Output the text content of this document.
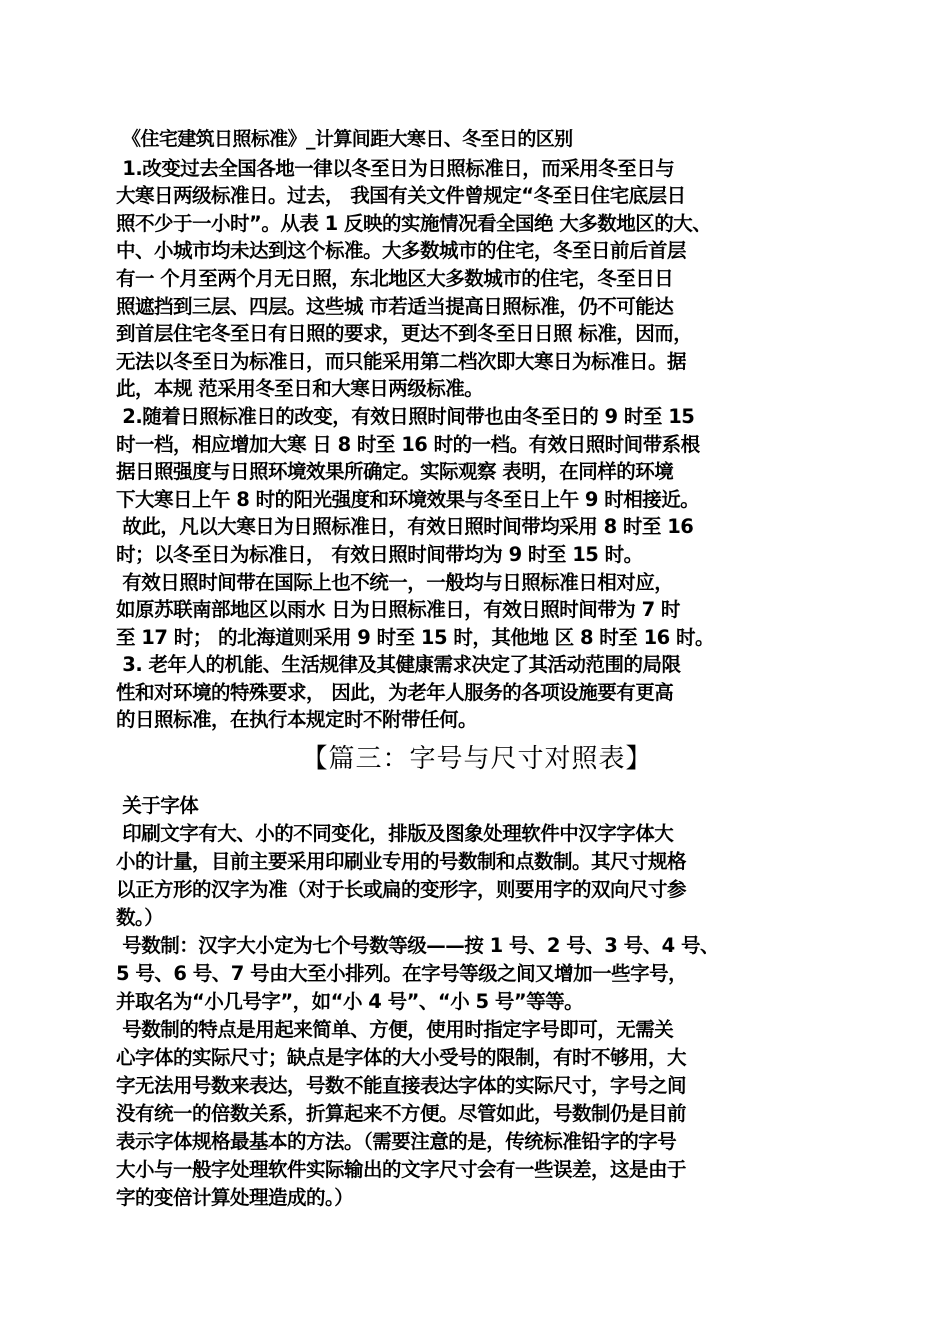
《住宅建筑日照标准》_计算间距大寒日、冬至日的区别
1.改变过去全国各地一律以冬至日为日照标准日，而采用冬至日与
大寒日两级标准日。过去， 我国有关文件曾规定“冬至日住宅底层日
照不少于一小时”。从表 1 反映的实施情况看全国绝 大多数地区的大、
中、小城市均未达到这个标准。大多数城市的住宅，冬至日前后首层
有一 个月至两个月无日照，东北地区大多数城市的住宅，冬至日日
照遮挡到三层、四层。这些城 市若适当提高日照标准，仍不可能达
到首层住宅冬至日有日照的要求，更达不到冬至日日照 标准，因而，
无法以冬至日为标准日，而只能采用第二档次即大寒日为标准日。据
此，本规 范采用冬至日和大寒日两级标准。
2.随着日照标准日的改变，有效日照时间带也由冬至日的 9 时至 15
时一档，相应增加大寒 日 8 时至 16 时的一档。有效日照时间带系根
据日照强度与日照环境效果所确定。实际观察 表明，在同样的环境
下大寒日上午 8 时的阳光强度和环境效果与冬至日上午 9 时相接近。
故此，凡以大寒日为日照标准日，有效日照时间带均采用 8 时至 16
时；以冬至日为标准日， 有效日照时间带均为 9 时至 15 时。
有效日照时间带在国际上也不统一，一般均与日照标准日相对应，
如原苏联南部地区以雨水 日为日照标准日，有效日照时间带为 7 时
至 17 时； 的北海道则采用 9 时至 15 时，其他地 区 8 时至 16 时。
3. 老年人的机能、生活规律及其健康需求决定了其活动范围的局限
性和对环境的特殊要求， 因此，为老年人服务的各项设施要有更高
的日照标准，在执行本规定时不附带任何。
【篇三：字号与尺寸对照表】
关于字体
印刷文字有大、小的不同变化，排版及图象处理软件中汉字字体大
小的计量，目前主要采用印刷业专用的号数制和点数制。其尺寸规格
以正方形的汉字为准（对于长或扁的变形字，则要用字的双向尺寸参
数。）
号数制：汉字大小定为七个号数等级——按 1 号、2 号、3 号、4 号、
5 号、6 号、7 号由大至小排列。在字号等级之间又增加一些字号，
并取名为“小几号字”，如“小 4 号”、“小 5 号”等等。
号数制的特点是用起来简单、方便，使用时指定字号即可，无需关
心字体的实际尺寸；缺点是字体的大小受号的限制，有时不够用，大
字无法用号数来表达，号数不能直接表达字体的实际尺寸，字号之间
没有统一的倍数关系，折算起来不方便。尽管如此，号数制仍是目前
表示字体规格最基本的方法。（需要注意的是，传统标准铅字的字号
大小与一般字处理软件实际输出的文字尺寸会有一些误差，这是由于
字的变倍计算处理造成的。）
